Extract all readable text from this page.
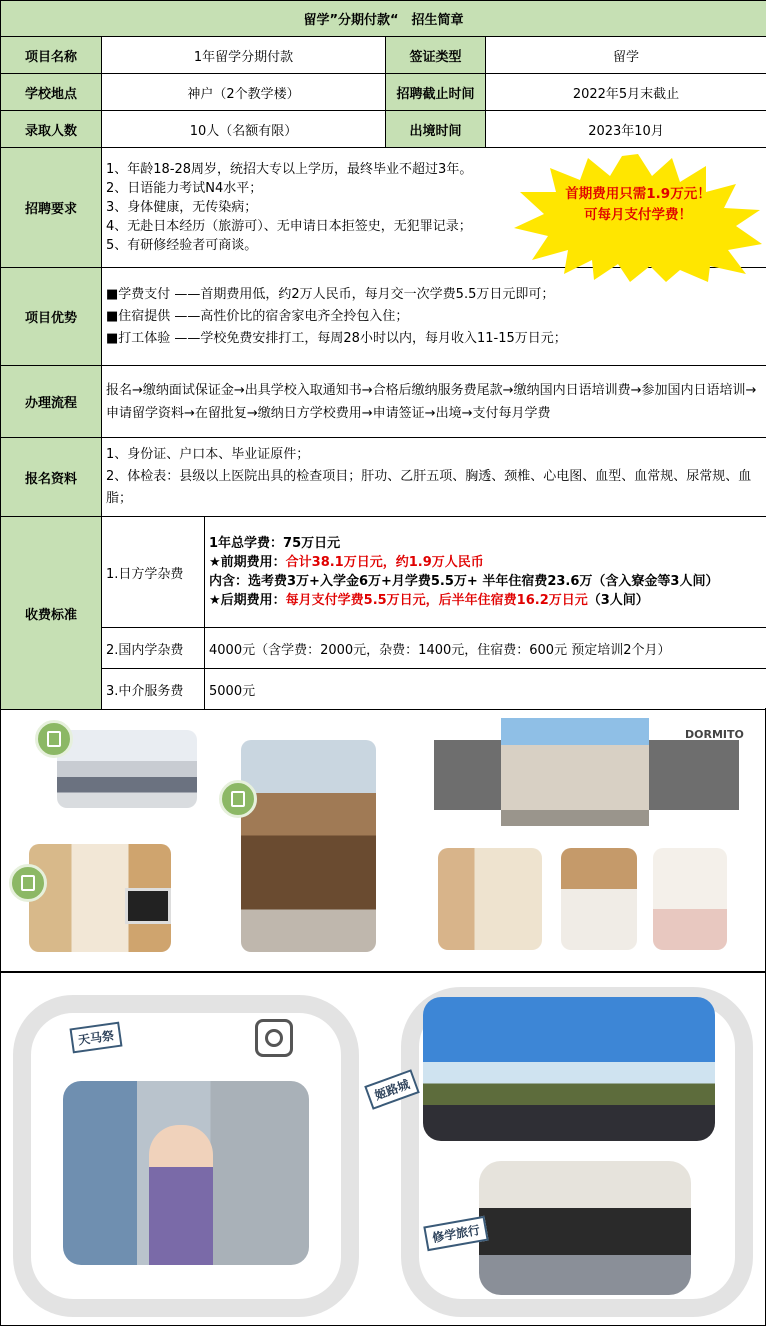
留学”分期付款“　招生简章				
项目名称	1年留学分期付款		签证类型	留学
学校地点	神户（2个教学楼）		招聘截止时间	2022年5月末截止
录取人数	10人（名额有限）		出境时间	2023年10月
招聘要求	1、年龄18-28周岁，统招大专以上学历，最终毕业不超过3年。
2、日语能力考试N4水平；
3、身体健康，无传染病；
4、无赴日本经历（旅游可）、无申请日本拒签史，无犯罪记录；
5、有研修经验者可商谈。			

项目优势	■学费支付 ——首期费用低，约2万人民币，每月交一次学费5.5万日元即可；
■住宿提供 ——高性价比的宿舍家电齐全拎包入住；
■打工体验 ——学校免费安排打工，每周28小时以内，每月收入11-15万日元；			

办理流程	报名→缴纳面试保证金→出具学校入取通知书→合格后缴纳服务费尾款→缴纳国内日语培训费→参加国内日语培训→申请留学资料→在留批复→缴纳日方学校费用→申请签证→出境→支付每月学费			
报名资料	1、身份证、户口本、毕业证原件；
2、体检表：县级以上医院出具的检查项目；肝功、乙肝五项、胸透、颈椎、心电图、血型、血常规、尿常规、血脂；			

收费标准	1.日方学杂费	1年总学费：75万日元
★前期费用：合计38.1万日元，约1.9万人民币
内含：选考费3万+入学金6万+月学费5.5万+ 半年住宿费23.6万（含入寮金等3人间）
★后期费用：每月支付学费5.5万日元，后半年住宿费16.2万日元（3人间）		

	2.国内学杂费	4000元（含学费：2000元，杂费：1400元，住宿费：600元 预定培训2个月）		
	3.中介服务费	5000元		
首期费用只需1.9万元！
可每月支付学费！
DORMITO
天马祭
姬路城
修学旅行
